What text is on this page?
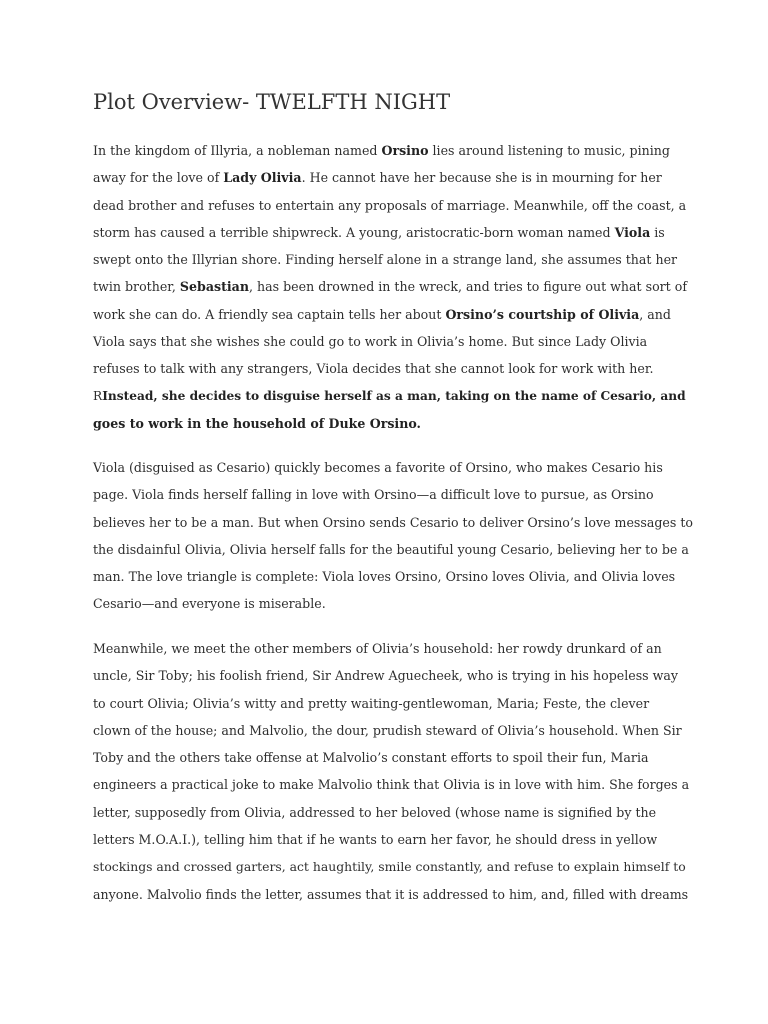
Plot Overview- TWELFTH NIGHT
In the kingdom of Illyria, a nobleman named Orsino lies around listening to music, pining
away for the love of Lady Olivia. He cannot have her because she is in mourning for her
dead brother and refuses to entertain any proposals of marriage. Meanwhile, off the coast, a
storm has caused a terrible shipwreck. A young, aristocratic-born woman named Viola is
swept onto the Illyrian shore. Finding herself alone in a strange land, she assumes that her
twin brother, Sebastian, has been drowned in the wreck, and tries to figure out what sort of
work she can do. A friendly sea captain tells her about Orsino’s courtship of Olivia, and
Viola says that she wishes she could go to work in Olivia’s home. But since Lady Olivia
refuses to talk with any strangers, Viola decides that she cannot look for work with her.
RInstead, she decides to disguise herself as a man, taking on the name of Cesario, and
goes to work in the household of Duke Orsino.
Viola (disguised as Cesario) quickly becomes a favorite of Orsino, who makes Cesario his
page. Viola finds herself falling in love with Orsino—a difficult love to pursue, as Orsino
believes her to be a man. But when Orsino sends Cesario to deliver Orsino’s love messages to
the disdainful Olivia, Olivia herself falls for the beautiful young Cesario, believing her to be a
man. The love triangle is complete: Viola loves Orsino, Orsino loves Olivia, and Olivia loves
Cesario—and everyone is miserable.
Meanwhile, we meet the other members of Olivia’s household: her rowdy drunkard of an
uncle, Sir Toby; his foolish friend, Sir Andrew Aguecheek, who is trying in his hopeless way
to court Olivia; Olivia’s witty and pretty waiting-gentlewoman, Maria; Feste, the clever
clown of the house; and Malvolio, the dour, prudish steward of Olivia’s household. When Sir
Toby and the others take offense at Malvolio’s constant efforts to spoil their fun, Maria
engineers a practical joke to make Malvolio think that Olivia is in love with him. She forges a
letter, supposedly from Olivia, addressed to her beloved (whose name is signified by the
letters M.O.A.I.), telling him that if he wants to earn her favor, he should dress in yellow
stockings and crossed garters, act haughtily, smile constantly, and refuse to explain himself to
anyone. Malvolio finds the letter, assumes that it is addressed to him, and, filled with dreams
